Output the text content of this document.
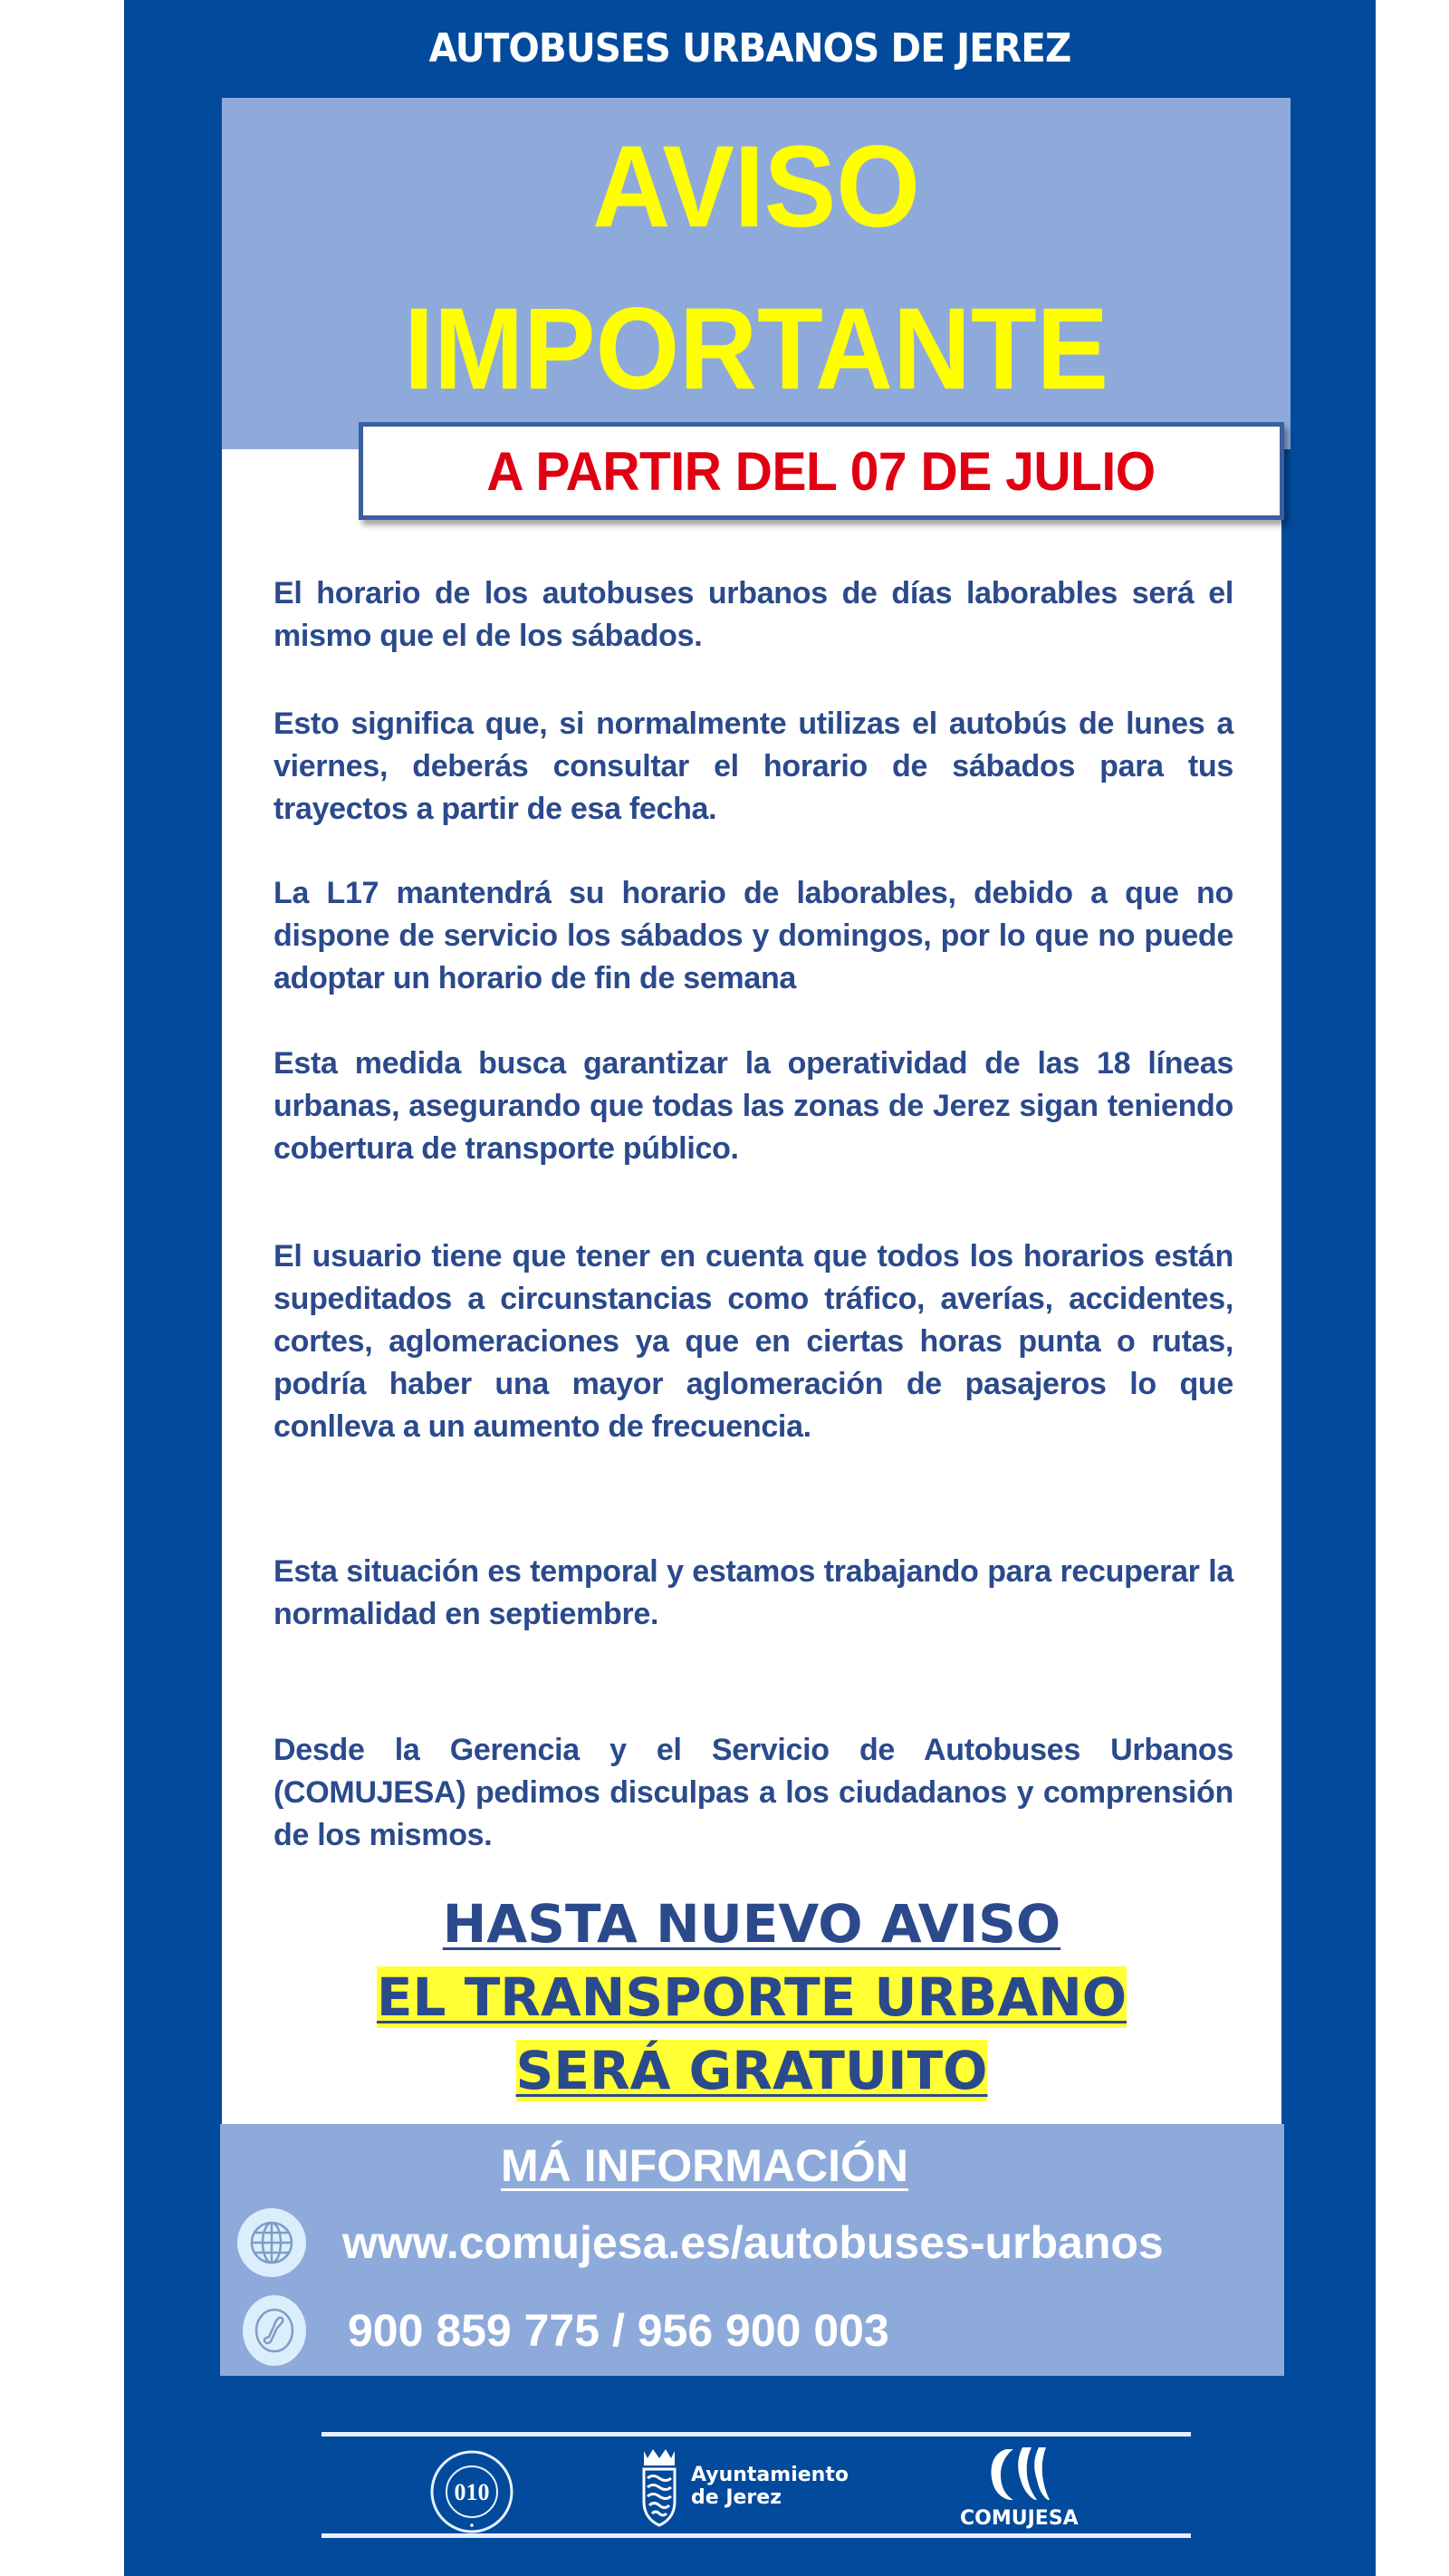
AUTOBUSES URBANOS DE JEREZ
AVISO
IMPORTANTE
A PARTIR DEL 07 DE JULIO

El horario de los autobuses urbanos de días laborables será el mismo que el de los sábados.

Esto significa que, si normalmente utilizas el autobús de lunes a viernes, deberás consultar el horario de sábados para tus trayectos a partir de esa fecha.

La L17 mantendrá su horario de laborables, debido a que no dispone de servicio los sábados y domingos, por lo que no puede adoptar un horario de fin de semana

Esta medida busca garantizar la operatividad de las 18 líneas urbanas, asegurando que todas las zonas de Jerez sigan teniendo cobertura de transporte público.

El usuario tiene que tener en cuenta que todos los horarios están supeditados a circunstancias como tráfico, averías, accidentes, cortes, aglomeraciones ya que en ciertas horas punta o rutas, podría haber una mayor aglomeración de pasajeros lo que conlleva a un aumento de frecuencia.

Esta situación es temporal y estamos trabajando para recuperar la normalidad en septiembre.

Desde la Gerencia y el Servicio de Autobuses Urbanos (COMUJESA) pedimos disculpas a los ciudadanos y comprensión de los mismos.

HASTA NUEVO AVISO
EL TRANSPORTE URBANO
SERÁ GRATUITO
MÁ INFORMACIÓN
www.comujesa.es/autobuses-urbanos
900 859 775 / 956 900 003
010
Ayuntamiento
de Jerez
COMUJESA
